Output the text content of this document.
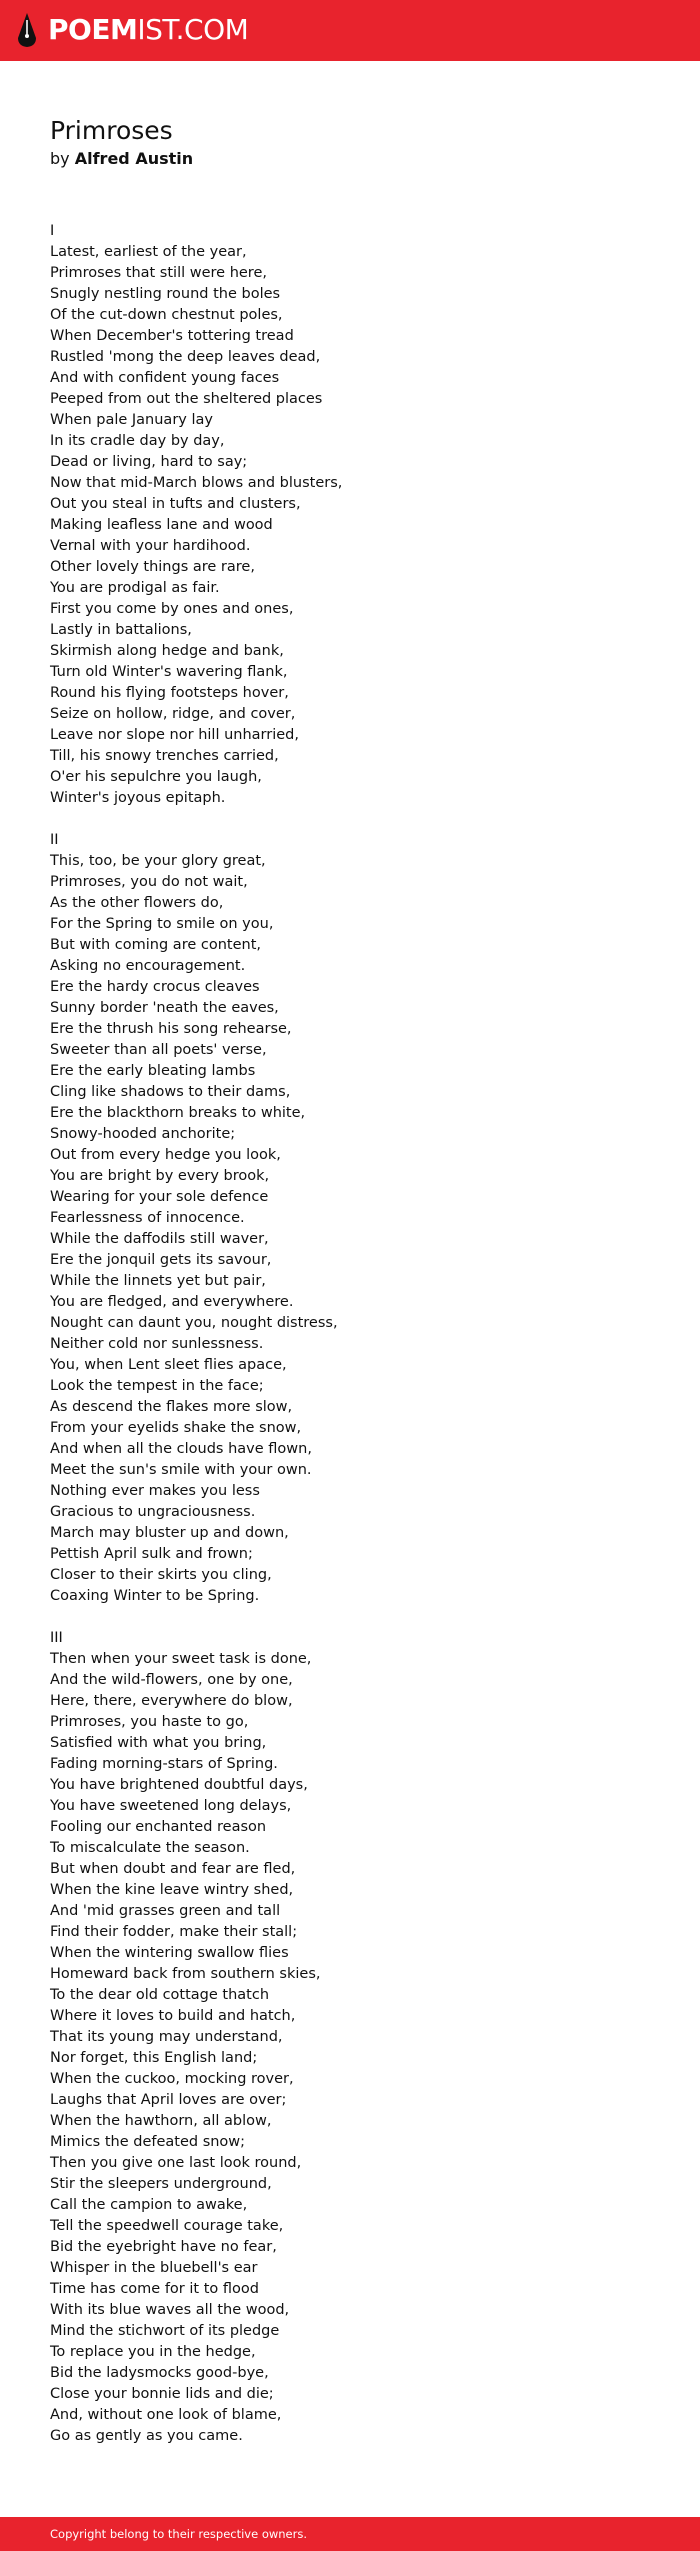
POEMIST.COM
Primroses
by Alfred Austin
I
Latest, earliest of the year,
Primroses that still were here,
Snugly nestling round the boles
Of the cut-down chestnut poles,
When December's tottering tread
Rustled 'mong the deep leaves dead,
And with confident young faces
Peeped from out the sheltered places
When pale January lay
In its cradle day by day,
Dead or living, hard to say;
Now that mid-March blows and blusters,
Out you steal in tufts and clusters,
Making leafless lane and wood
Vernal with your hardihood.
Other lovely things are rare,
You are prodigal as fair.
First you come by ones and ones,
Lastly in battalions,
Skirmish along hedge and bank,
Turn old Winter's wavering flank,
Round his flying footsteps hover,
Seize on hollow, ridge, and cover,
Leave nor slope nor hill unharried,
Till, his snowy trenches carried,
O'er his sepulchre you laugh,
Winter's joyous epitaph.
II
This, too, be your glory great,
Primroses, you do not wait,
As the other flowers do,
For the Spring to smile on you,
But with coming are content,
Asking no encouragement.
Ere the hardy crocus cleaves
Sunny border 'neath the eaves,
Ere the thrush his song rehearse,
Sweeter than all poets' verse,
Ere the early bleating lambs
Cling like shadows to their dams,
Ere the blackthorn breaks to white,
Snowy-hooded anchorite;
Out from every hedge you look,
You are bright by every brook,
Wearing for your sole defence
Fearlessness of innocence.
While the daffodils still waver,
Ere the jonquil gets its savour,
While the linnets yet but pair,
You are fledged, and everywhere.
Nought can daunt you, nought distress,
Neither cold nor sunlessness.
You, when Lent sleet flies apace,
Look the tempest in the face;
As descend the flakes more slow,
From your eyelids shake the snow,
And when all the clouds have flown,
Meet the sun's smile with your own.
Nothing ever makes you less
Gracious to ungraciousness.
March may bluster up and down,
Pettish April sulk and frown;
Closer to their skirts you cling,
Coaxing Winter to be Spring.
III
Then when your sweet task is done,
And the wild-flowers, one by one,
Here, there, everywhere do blow,
Primroses, you haste to go,
Satisfied with what you bring,
Fading morning-stars of Spring.
You have brightened doubtful days,
You have sweetened long delays,
Fooling our enchanted reason
To miscalculate the season.
But when doubt and fear are fled,
When the kine leave wintry shed,
And 'mid grasses green and tall
Find their fodder, make their stall;
When the wintering swallow flies
Homeward back from southern skies,
To the dear old cottage thatch
Where it loves to build and hatch,
That its young may understand,
Nor forget, this English land;
When the cuckoo, mocking rover,
Laughs that April loves are over;
When the hawthorn, all ablow,
Mimics the defeated snow;
Then you give one last look round,
Stir the sleepers underground,
Call the campion to awake,
Tell the speedwell courage take,
Bid the eyebright have no fear,
Whisper in the bluebell's ear
Time has come for it to flood
With its blue waves all the wood,
Mind the stichwort of its pledge
To replace you in the hedge,
Bid the ladysmocks good-bye,
Close your bonnie lids and die;
And, without one look of blame,
Go as gently as you came.
Copyright belong to their respective owners.
